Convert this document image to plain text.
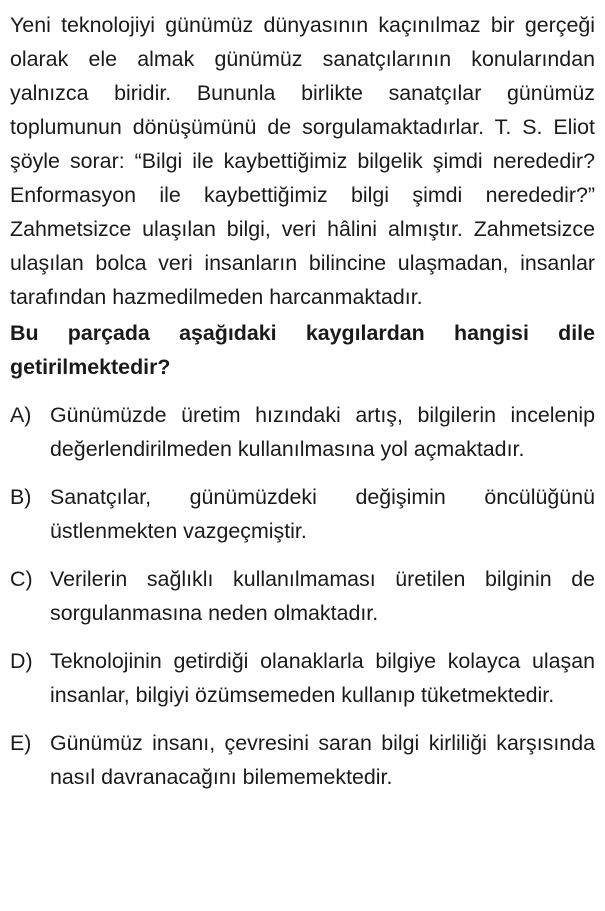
Yeni teknolojiyi günümüz dünyasının kaçınılmaz bir gerçeği olarak ele almak günümüz sanatçılarının konularından yalnızca biridir. Bununla birlikte sanatçılar günümüz toplumunun dönüşümünü de sorgulamaktadırlar. T. S. Eliot şöyle sorar: “Bilgi ile kaybettiğimiz bilgelik şimdi nerededir? Enformasyon ile kaybettiğimiz bilgi şimdi nerededir?” Zahmetsizce ulaşılan bilgi, veri hâlini almıştır. Zahmetsizce ulaşılan bolca veri insanların bilincine ulaşmadan, insanlar tarafından hazmedilmeden harcanmaktadır.

Bu parçada aşağıdaki kaygılardan hangisi dile getirilmektedir?

A) Günümüzde üretim hızındaki artış, bilgilerin incelenip değerlendirilmeden kullanılmasına yol açmaktadır.
B) Sanatçılar, günümüzdeki değişimin öncülüğünü üstlenmekten vazgeçmiştir.
C) Verilerin sağlıklı kullanılmaması üretilen bilginin de sorgulanmasına neden olmaktadır.
D) Teknolojinin getirdiği olanaklarla bilgiye kolayca ulaşan insanlar, bilgiyi özümsemeden kullanıp tüketmektedir.
E) Günümüz insanı, çevresini saran bilgi kirliliği karşısında nasıl davranacağını bilememektedir.
